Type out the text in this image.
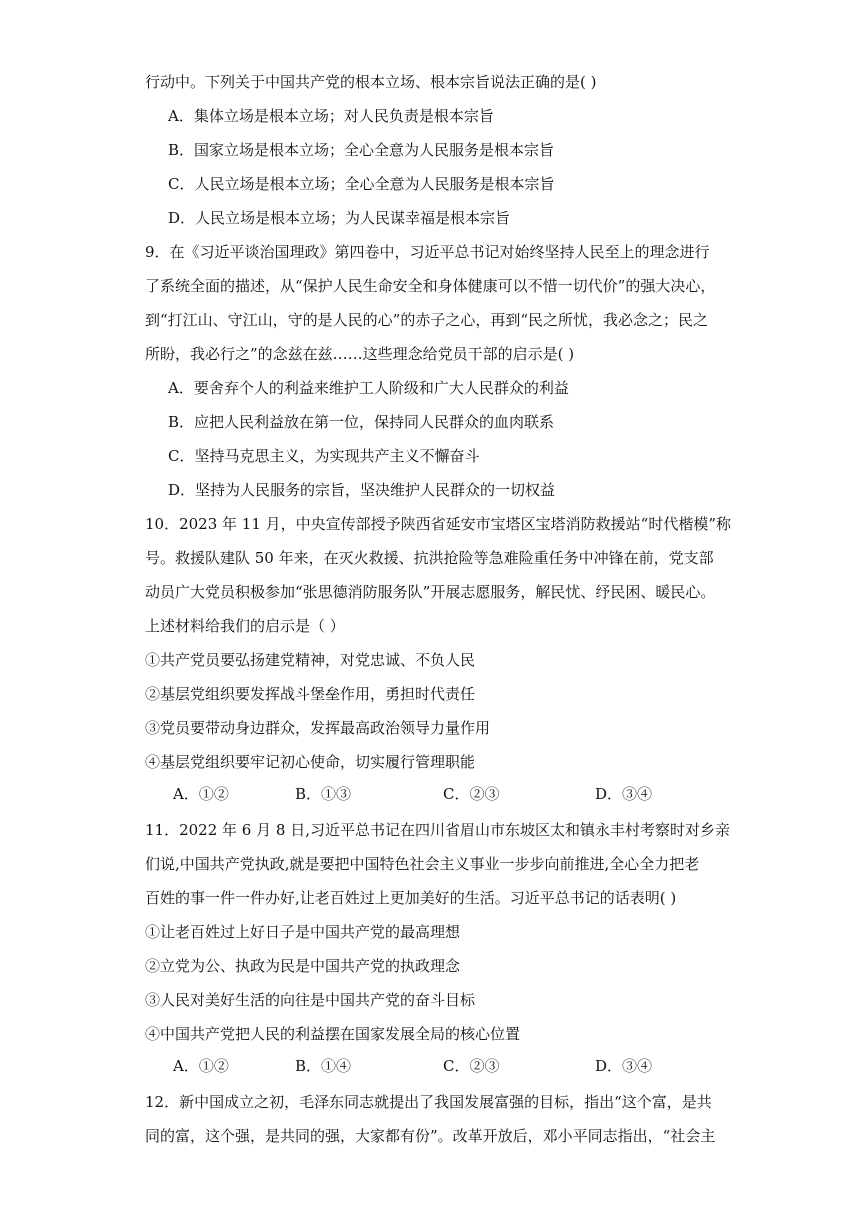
行动中。下列关于中国共产党的根本立场、根本宗旨说法正确的是( )
A．集体立场是根本立场；对人民负责是根本宗旨
B．国家立场是根本立场；全心全意为人民服务是根本宗旨
C．人民立场是根本立场；全心全意为人民服务是根本宗旨
D．人民立场是根本立场；为人民谋幸福是根本宗旨
9．在《习近平谈治国理政》第四卷中，习近平总书记对始终坚持人民至上的理念进行
了系统全面的描述，从“保护人民生命安全和身体健康可以不惜一切代价”的强大决心，
到“打江山、守江山，守的是人民的心”的赤子之心，再到“民之所忧，我必念之；民之
所盼，我必行之”的念兹在兹……这些理念给党员干部的启示是( )
A．要舍弃个人的利益来维护工人阶级和广大人民群众的利益
B．应把人民利益放在第一位，保持同人民群众的血肉联系
C．坚持马克思主义，为实现共产主义不懈奋斗
D．坚持为人民服务的宗旨，坚决维护人民群众的一切权益
10．2023 年 11 月，中央宣传部授予陕西省延安市宝塔区宝塔消防救援站“时代楷模”称
号。救援队建队 50 年来，在灭火救援、抗洪抢险等急难险重任务中冲锋在前，党支部
动员广大党员积极参加“张思德消防服务队”开展志愿服务，解民忧、纾民困、暖民心。
上述材料给我们的启示是（ ）
①共产党员要弘扬建党精神，对党忠诚、不负人民
②基层党组织要发挥战斗堡垒作用，勇担时代责任
③党员要带动身边群众，发挥最高政治领导力量作用
④基层党组织要牢记初心使命，切实履行管理职能
A．①②	B．①③	C．②③	D．③④
11．2022 年 6 月 8 日,习近平总书记在四川省眉山市东坡区太和镇永丰村考察时对乡亲
们说,中国共产党执政,就是要把中国特色社会主义事业一步步向前推进,全心全力把老
百姓的事一件一件办好,让老百姓过上更加美好的生活。习近平总书记的话表明( )
①让老百姓过上好日子是中国共产党的最高理想
②立党为公、执政为民是中国共产党的执政理念
③人民对美好生活的向往是中国共产党的奋斗目标
④中国共产党把人民的利益摆在国家发展全局的核心位置
A．①②	B．①④	C．②③	D．③④
12．新中国成立之初，毛泽东同志就提出了我国发展富强的目标，指出“这个富，是共
同的富，这个强，是共同的强，大家都有份”。改革开放后，邓小平同志指出，“社会主
